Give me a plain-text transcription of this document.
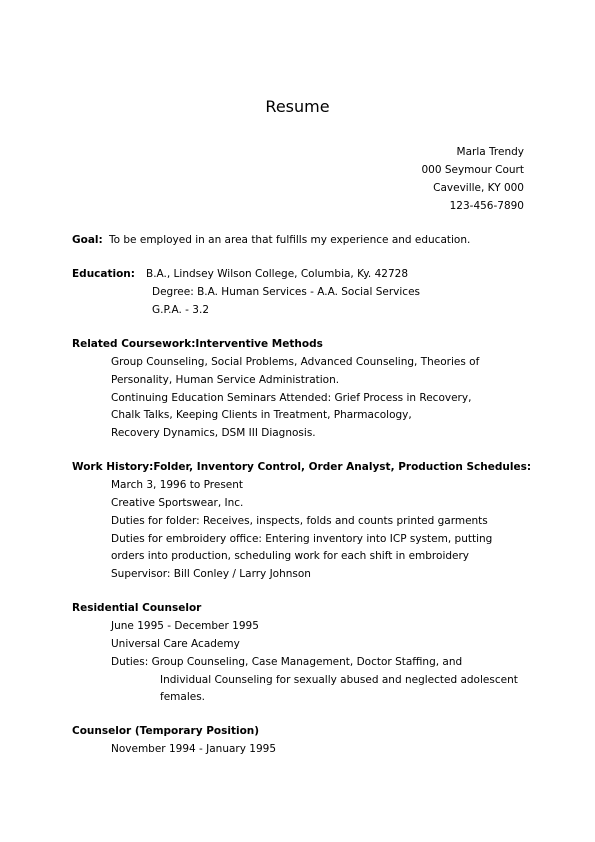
Resume
Marla Trendy
000 Seymour Court
Caveville, KY 000
123-456-7890
Goal: To be employed in an area that fulfills my experience and education.
Education: B.A., Lindsey Wilson College, Columbia, Ky. 42728
Degree: B.A. Human Services - A.A. Social Services
G.P.A. - 3.2
Related Coursework:Interventive Methods
Group Counseling, Social Problems, Advanced Counseling, Theories of
Personality, Human Service Administration.
Continuing Education Seminars Attended: Grief Process in Recovery,
Chalk Talks, Keeping Clients in Treatment, Pharmacology,
Recovery Dynamics, DSM III Diagnosis.
Work History:Folder, Inventory Control, Order Analyst, Production Schedules:
March 3, 1996 to Present
Creative Sportswear, Inc.
Duties for folder: Receives, inspects, folds and counts printed garments
Duties for embroidery office: Entering inventory into ICP system, putting
orders into production, scheduling work for each shift in embroidery
Supervisor: Bill Conley / Larry Johnson
Residential Counselor
June 1995 - December 1995
Universal Care Academy
Duties: Group Counseling, Case Management, Doctor Staffing, and
Individual Counseling for sexually abused and neglected adolescent
females.
Counselor (Temporary Position)
November 1994 - January 1995
